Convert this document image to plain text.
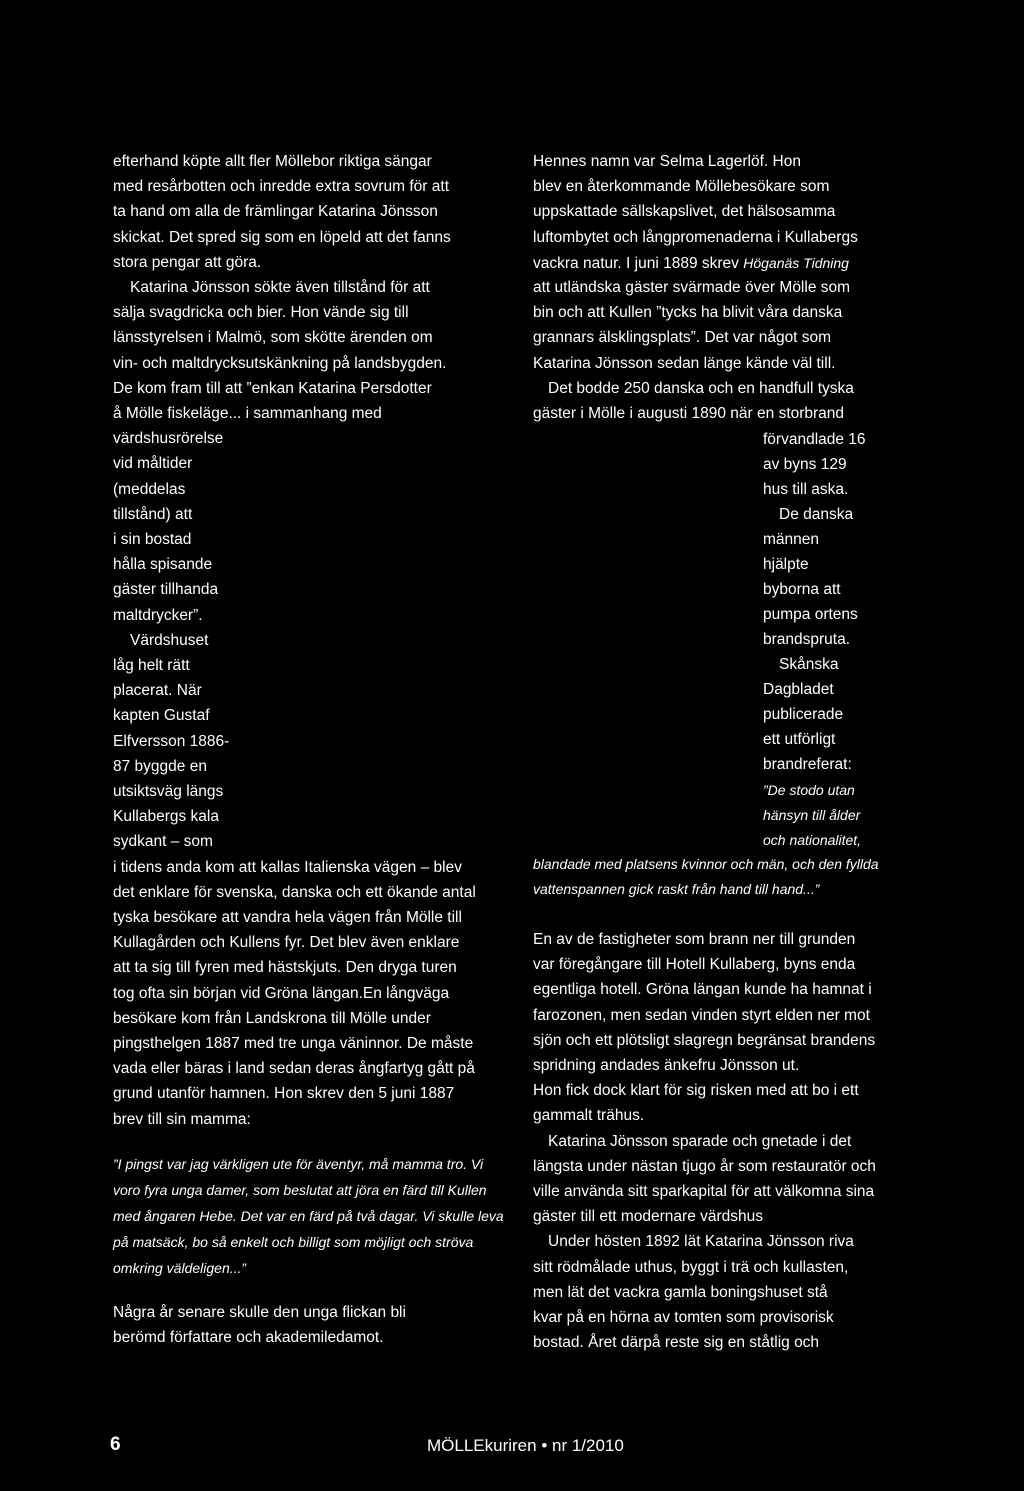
efterhand köpte allt fler Möllebor riktiga sängar
med resårbotten och inredde extra sovrum för att
ta hand om alla de främlingar Katarina Jönsson
skickat. Det spred sig som en löpeld att det fanns
stora pengar att göra.
Katarina Jönsson sökte även tillstånd för att
sälja svagdricka och bier. Hon vände sig till
länsstyrelsen i Malmö, som skötte ärenden om
vin- och maltdrycksutskänkning på landsbygden.
De kom fram till att ”enkan Katarina Persdotter
å Mölle fiskeläge... i sammanhang med
värdshusrörelse
vid måltider
(meddelas
tillstånd) att
i sin bostad
hålla spisande
gäster tillhanda
maltdrycker”.
Värdshuset
låg helt rätt
placerat. När
kapten Gustaf
Elfversson 1886-
87 byggde en
utsiktsväg längs
Kullabergs kala
sydkant – som
i tidens anda kom att kallas Italienska vägen – blev
det enklare för svenska, danska och ett ökande antal
tyska besökare att vandra hela vägen från Mölle till
Kullagården och Kullens fyr. Det blev även enklare
att ta sig till fyren med hästskjuts. Den dryga turen
tog ofta sin början vid Gröna längan.En långväga
besökare kom från Landskrona till Mölle under
pingsthelgen 1887 med tre unga väninnor. De måste
vada eller bäras i land sedan deras ångfartyg gått på
grund utanför hamnen. Hon skrev den 5 juni 1887
brev till sin mamma:
”I pingst var jag värkligen ute för äventyr, må mamma tro. Vi
voro fyra unga damer, som beslutat att jöra en färd till Kullen
med ångaren Hebe. Det var en färd på två dagar. Vi skulle leva
på matsäck, bo så enkelt och billigt som möjligt och ströva
omkring väldeligen...”
Några år senare skulle den unga flickan bli
berömd författare och akademiledamot.
Hennes namn var Selma Lagerlöf. Hon
blev en återkommande Möllebesökare som
uppskattade sällskapslivet, det hälsosamma
luftombytet och långpromenaderna i Kullabergs
vackra natur. I juni 1889 skrev Höganäs Tidning
att utländska gäster svärmade över Mölle som
bin och att Kullen ”tycks ha blivit våra danska
grannars älsklingsplats”. Det var något som
Katarina Jönsson sedan länge kände väl till.
Det bodde 250 danska och en handfull tyska
gäster i Mölle i augusti 1890 när en storbrand
förvandlade 16
av byns 129
hus till aska.
De danska
männen
hjälpte
byborna att
pumpa ortens
brandspruta.
Skånska
Dagbladet
publicerade
ett utförligt
brandreferat:
”De stodo utan
hänsyn till ålder
och nationalitet,
blandade med platsens kvinnor och män, och den fyllda
vattenspannen gick raskt från hand till hand...”
En av de fastigheter som brann ner till grunden
var föregångare till Hotell Kullaberg, byns enda
egentliga hotell. Gröna längan kunde ha hamnat i
farozonen, men sedan vinden styrt elden ner mot
sjön och ett plötsligt slagregn begränsat brandens
spridning andades änkefru Jönsson ut.
Hon fick dock klart för sig risken med att bo i ett
gammalt trähus.
Katarina Jönsson sparade och gnetade i det
längsta under nästan tjugo år som restauratör och
ville använda sitt sparkapital för att välkomna sina
gäster till ett modernare värdshus
Under hösten 1892 lät Katarina Jönsson riva
sitt rödmålade uthus, byggt i trä och kullasten,
men lät det vackra gamla boningshuset stå
kvar på en hörna av tomten som provisorisk
bostad. Året därpå reste sig en ståtlig och
6	MÖLLEkuriren • nr 1/2010
